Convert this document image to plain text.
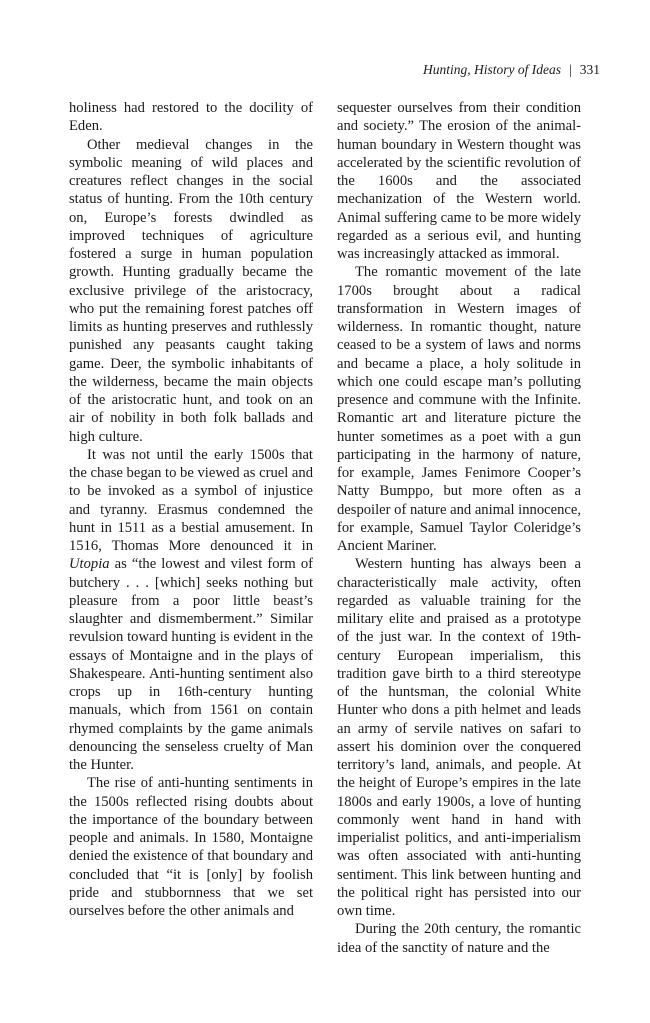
Hunting, History of Ideas | 331

holiness had restored to the docility of Eden.

Other medieval changes in the symbolic meaning of wild places and creatures reflect changes in the social status of hunting. From the 10th century on, Europe’s forests dwindled as improved techniques of agriculture fostered a surge in human population growth. Hunting gradually became the exclusive privilege of the aristocracy, who put the remaining forest patches off limits as hunting preserves and ruthlessly punished any peasants caught taking game. Deer, the symbolic inhabitants of the wilderness, became the main objects of the aristocratic hunt, and took on an air of nobility in both folk ballads and high culture.

It was not until the early 1500s that the chase began to be viewed as cruel and to be invoked as a symbol of injustice and tyranny. Erasmus condemned the hunt in 1511 as a bestial amusement. In 1516, Thomas More denounced it in Utopia as “the lowest and vilest form of butchery . . . [which] seeks nothing but pleasure from a poor little beast’s slaughter and dismemberment.” Similar revulsion toward hunting is evident in the essays of Montaigne and in the plays of Shakespeare. Anti-hunting sentiment also crops up in 16th-century hunting manuals, which from 1561 on contain rhymed complaints by the game animals denouncing the senseless cruelty of Man the Hunter.

The rise of anti-hunting sentiments in the 1500s reflected rising doubts about the importance of the boundary between people and animals. In 1580, Montaigne denied the existence of that boundary and concluded that “it is [only] by foolish pride and stubbornness that we set ourselves before the other animals and

sequester ourselves from their condition and society.” The erosion of the animal-human boundary in Western thought was accelerated by the scientific revolution of the 1600s and the associated mechanization of the Western world. Animal suffering came to be more widely regarded as a serious evil, and hunting was increasingly attacked as immoral.

The romantic movement of the late 1700s brought about a radical transformation in Western images of wilderness. In romantic thought, nature ceased to be a system of laws and norms and became a place, a holy solitude in which one could escape man’s polluting presence and commune with the Infinite. Romantic art and literature picture the hunter sometimes as a poet with a gun participating in the harmony of nature, for example, James Fenimore Cooper’s Natty Bumppo, but more often as a despoiler of nature and animal innocence, for example, Samuel Taylor Coleridge’s Ancient Mariner.

Western hunting has always been a characteristically male activity, often regarded as valuable training for the military elite and praised as a prototype of the just war. In the context of 19th-century European imperialism, this tradition gave birth to a third stereotype of the huntsman, the colonial White Hunter who dons a pith helmet and leads an army of servile natives on safari to assert his dominion over the conquered territory’s land, animals, and people. At the height of Europe’s empires in the late 1800s and early 1900s, a love of hunting commonly went hand in hand with imperialist politics, and anti-imperialism was often associated with anti-hunting sentiment. This link between hunting and the political right has persisted into our own time.

During the 20th century, the romantic idea of the sanctity of nature and the
